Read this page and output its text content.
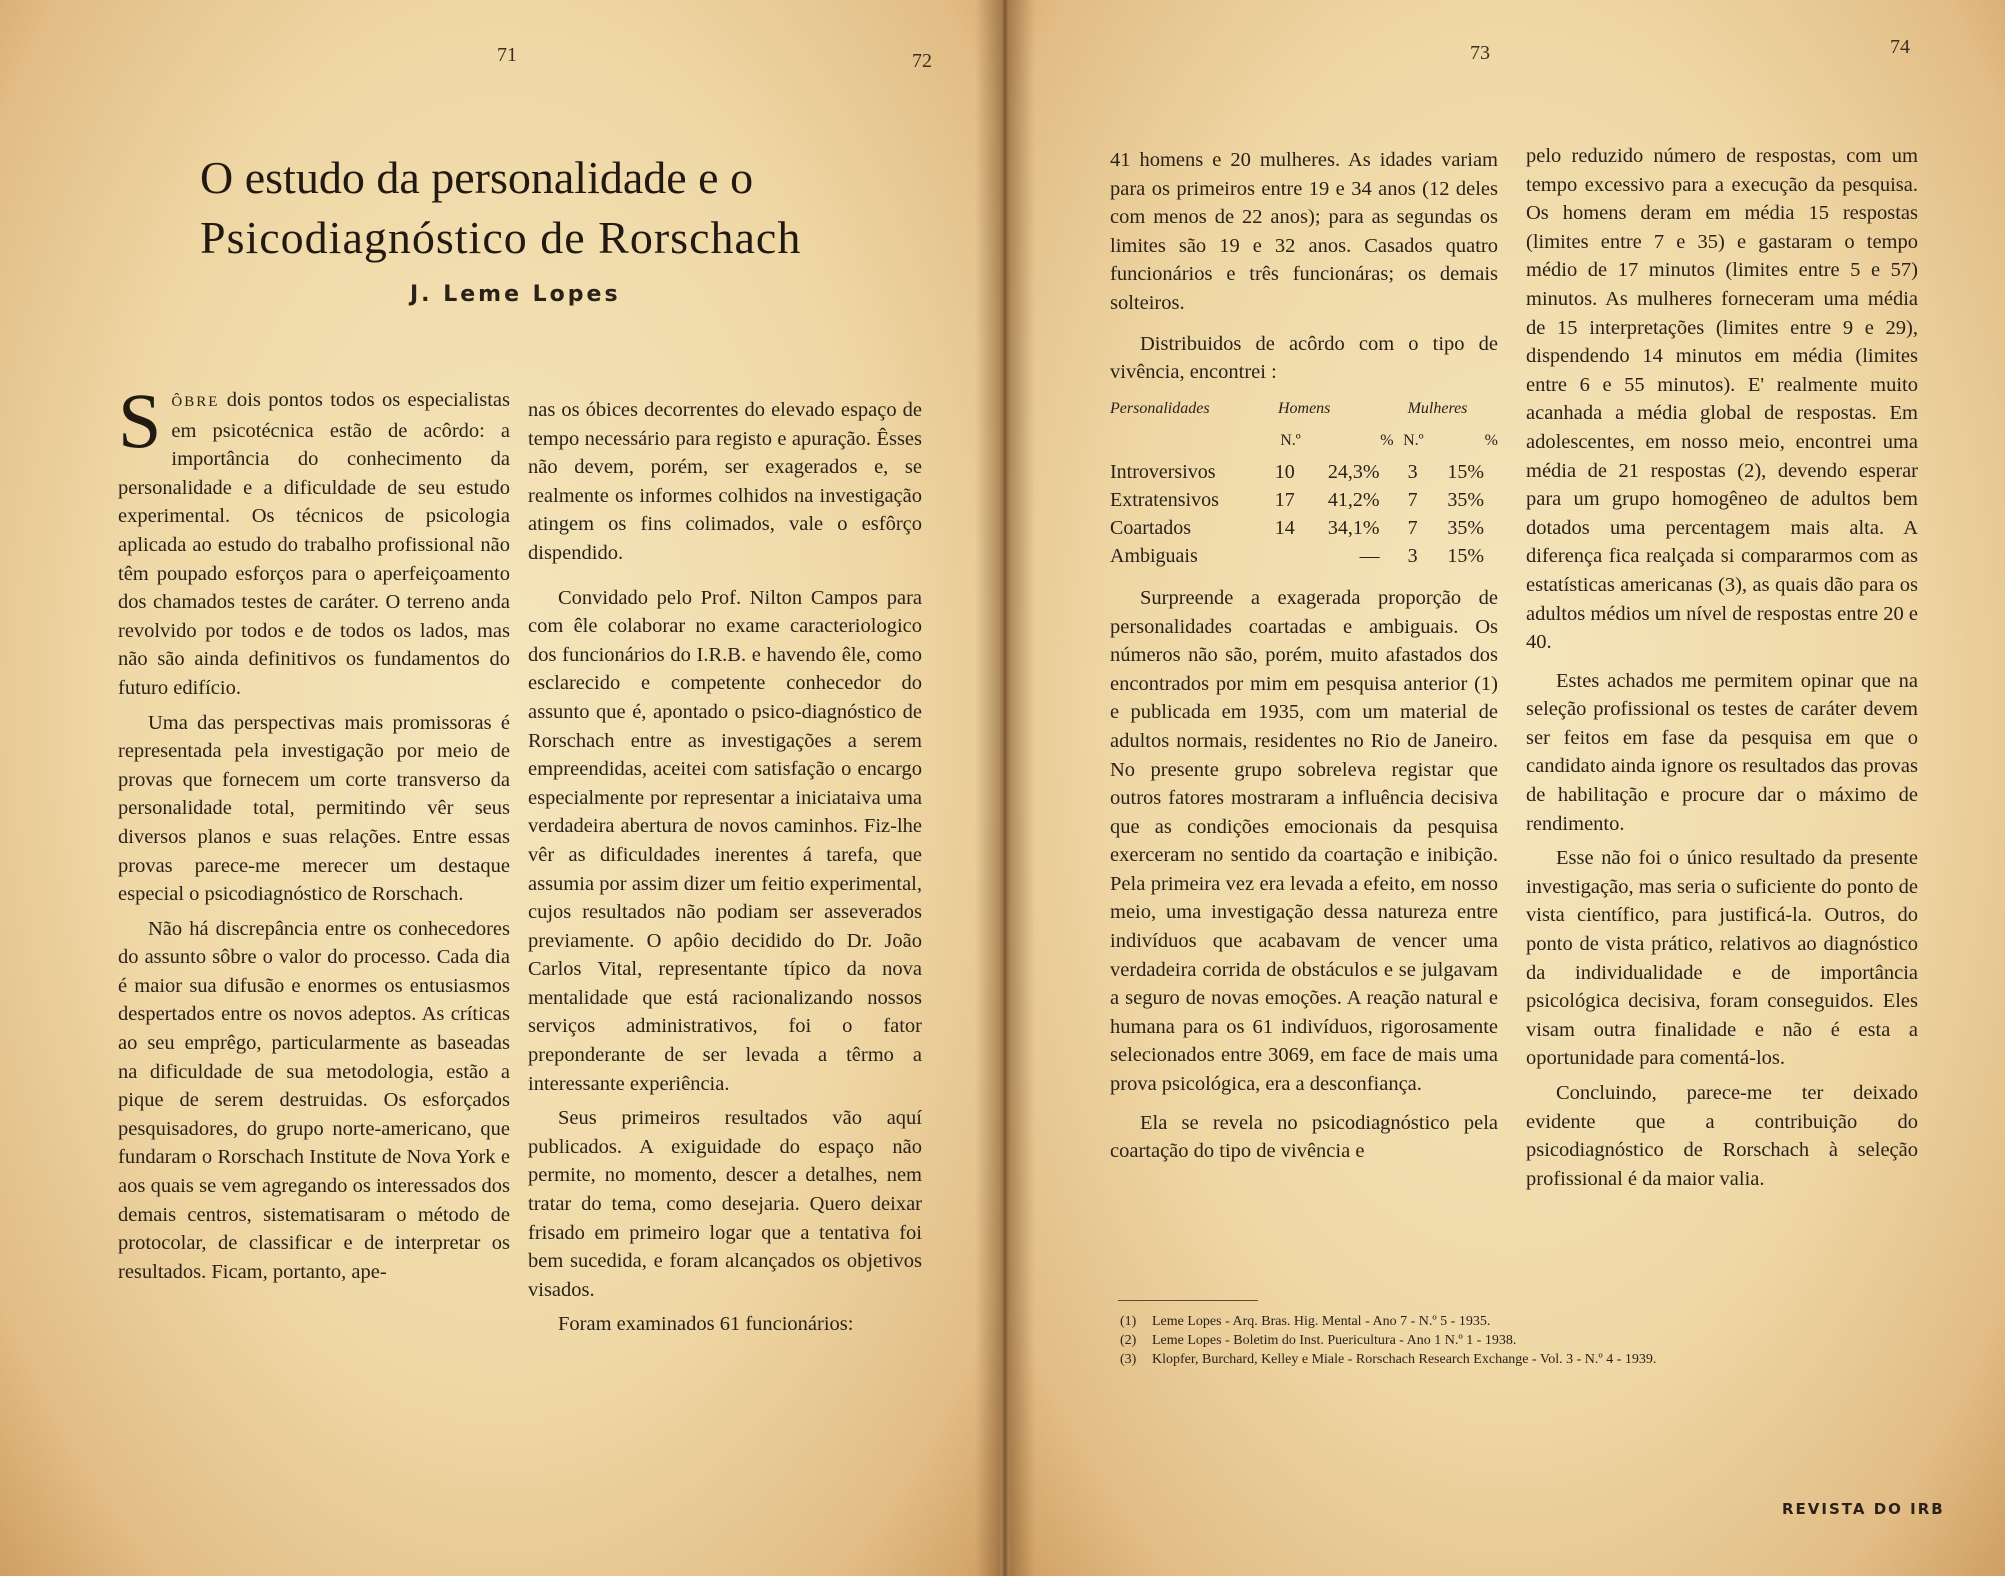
71	72	73	74
O estudo da personalidade e o
Psicodiagnóstico de Rorschach
J. Leme Lopes

SÔBRE dois pontos todos os especialistas em psicotécnica estão de acôrdo: a importância do conhecimento da personalidade e a dificuldade de seu estudo experimental. Os técnicos de psicologia aplicada ao estudo do trabalho profissional não têm poupado esforços para o aperfeiçoamento dos chamados testes de caráter. O terreno anda revolvido por todos e de todos os lados, mas não são ainda definitivos os fundamentos do futuro edifício.

Uma das perspectivas mais promissoras é representada pela investigação por meio de provas que fornecem um corte transverso da personalidade total, permitindo vêr seus diversos planos e suas relações. Entre essas provas parece-me merecer um destaque especial o psicodiagnóstico de Rorschach.

Não há discrepância entre os conhecedores do assunto sôbre o valor do processo. Cada dia é maior sua difusão e enormes os entusiasmos despertados entre os novos adeptos. As críticas ao seu emprêgo, particularmente as baseadas na dificuldade de sua metodologia, estão a pique de serem destruidas. Os esforçados pesquisadores, do grupo norte-americano, que fundaram o Rorschach Institute de Nova York e aos quais se vem agregando os interessados dos demais centros, sistematisaram o método de protocolar, de classificar e de interpretar os resultados. Ficam, portanto, ape-

nas os óbices decorrentes do elevado espaço de tempo necessário para registo e apuração. Êsses não devem, porém, ser exagerados e, se realmente os informes colhidos na investigação atingem os fins colimados, vale o esfôrço dispendido.

Convidado pelo Prof. Nilton Campos para com êle colaborar no exame caracteriologico dos funcionários do I.R.B. e havendo êle, como esclarecido e competente conhecedor do assunto que é, apontado o psico-diagnóstico de Rorschach entre as investigações a serem empreendidas, aceitei com satisfação o encargo especialmente por representar a iniciataiva uma verdadeira abertura de novos caminhos. Fiz-lhe vêr as dificuldades inerentes á tarefa, que assumia por assim dizer um feitio experimental, cujos resultados não podiam ser asseverados previamente. O apôio decidido do Dr. João Carlos Vital, representante típico da nova mentalidade que está racionalizando nossos serviços administrativos, foi o fator preponderante de ser levada a têrmo a interessante experiência.

Seus primeiros resultados vão aquí publicados. A exiguidade do espaço não permite, no momento, descer a detalhes, nem tratar do tema, como desejaria. Quero deixar frisado em primeiro logar que a tentativa foi bem sucedida, e foram alcançados os objetivos visados.

Foram examinados 61 funcionários:

41 homens e 20 mulheres. As idades variam para os primeiros entre 19 e 34 anos (12 deles com menos de 22 anos); para as segundas os limites são 19 e 32 anos. Casados quatro funcionários e três funcionáras; os demais solteiros.

Distribuidos de acôrdo com o tipo de vivência, encontrei :

Personalidades	Homens		Mulheres	
	N.º	%	N.º	%
Introversivos	10	24,3%	3	15%
Extratensivos	17	41,2%	7	35%
Coartados	14	34,1%	7	35%
Ambiguais		—	3	15%

Surpreende a exagerada proporção de personalidades coartadas e ambiguais. Os números não são, porém, muito afastados dos encontrados por mim em pesquisa anterior (1) e publicada em 1935, com um material de adultos normais, residentes no Rio de Janeiro. No presente grupo sobreleva registar que outros fatores mostraram a influência decisiva que as condições emocionais da pesquisa exerceram no sentido da coartação e inibição. Pela primeira vez era levada a efeito, em nosso meio, uma investigação dessa natureza entre indivíduos que acabavam de vencer uma verdadeira corrida de obstáculos e se julgavam a seguro de novas emoções. A reação natural e humana para os 61 indivíduos, rigorosamente selecionados entre 3069, em face de mais uma prova psicológica, era a desconfiança.

Ela se revela no psicodiagnóstico pela coartação do tipo de vivência e

pelo reduzido número de respostas, com um tempo excessivo para a execução da pesquisa. Os homens deram em média 15 respostas (limites entre 7 e 35) e gastaram o tempo médio de 17 minutos (limites entre 5 e 57) minutos. As mulheres forneceram uma média de 15 interpretações (limites entre 9 e 29), dispendendo 14 minutos em média (limites entre 6 e 55 minutos). E' realmente muito acanhada a média global de respostas. Em adolescentes, em nosso meio, encontrei uma média de 21 respostas (2), devendo esperar para um grupo homogêneo de adultos bem dotados uma percentagem mais alta. A diferença fica realçada si compararmos com as estatísticas americanas (3), as quais dão para os adultos médios um nível de respostas entre 20 e 40.

Estes achados me permitem opinar que na seleção profissional os testes de caráter devem ser feitos em fase da pesquisa em que o candidato ainda ignore os resultados das provas de habilitação e procure dar o máximo de rendimento.

Esse não foi o único resultado da presente investigação, mas seria o suficiente do ponto de vista científico, para justificá-la. Outros, do ponto de vista prático, relativos ao diagnóstico da individualidade e de importância psicológica decisiva, foram conseguidos. Eles visam outra finalidade e não é esta a oportunidade para comentá-los.

Concluindo, parece-me ter deixado evidente que a contribuição do psicodiagnóstico de Rorschach à seleção profissional é da maior valia.

(1) Leme Lopes - Arq. Bras. Hig. Mental - Ano 7 - N.º 5 - 1935.
(2) Leme Lopes - Boletim do Inst. Puericultura - Ano 1 N.º 1 - 1938.
(3) Klopfer, Burchard, Kelley e Miale - Rorschach Research Exchange - Vol. 3 - N.º 4 - 1939.
REVISTA DO IRB
